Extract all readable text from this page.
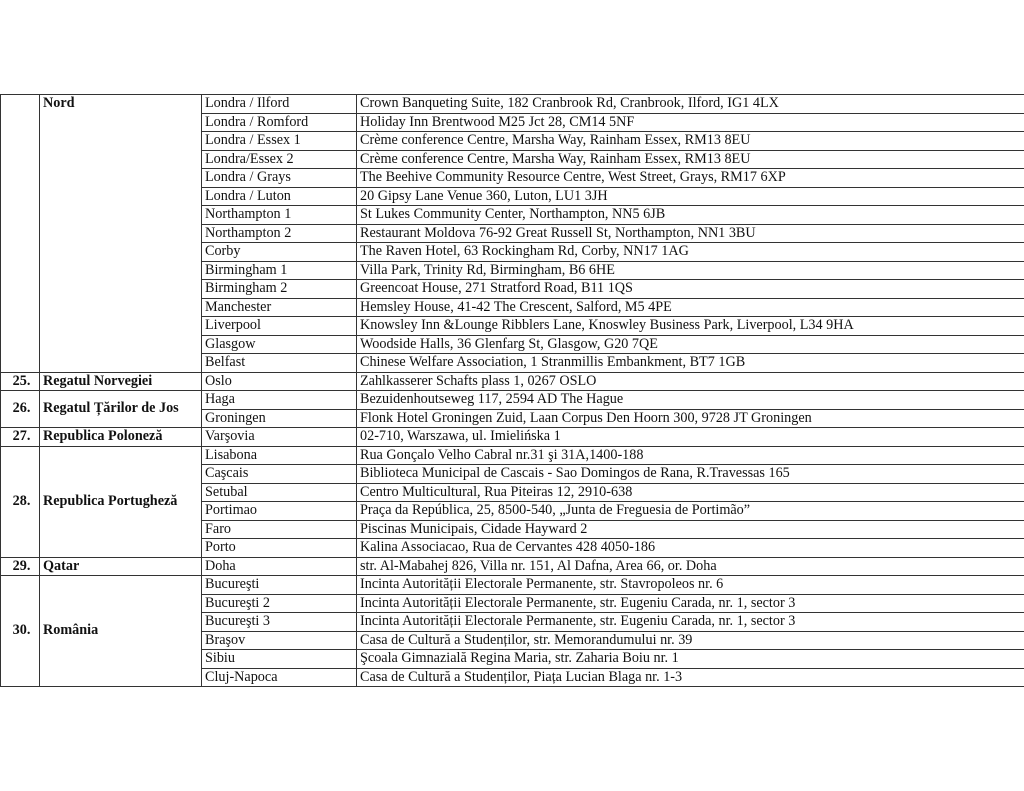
	Nord	Londra / Ilford	Crown Banqueting Suite, 182 Cranbrook Rd, Cranbrook, Ilford, IG1 4LX
		Londra / Romford	Holiday Inn Brentwood M25 Jct 28, CM14 5NF
		Londra / Essex 1	Crème conference Centre, Marsha Way, Rainham Essex, RM13 8EU
		Londra/Essex 2	Crème conference Centre, Marsha Way, Rainham Essex, RM13 8EU
		Londra / Grays	The Beehive Community Resource Centre, West Street, Grays, RM17 6XP
		Londra / Luton	20 Gipsy Lane Venue 360, Luton, LU1 3JH
		Northampton 1	St Lukes Community Center, Northampton, NN5 6JB
		Northampton 2	Restaurant Moldova 76-92 Great Russell St, Northampton, NN1 3BU
		Corby	The Raven Hotel, 63 Rockingham Rd, Corby, NN17 1AG
		Birmingham 1	Villa Park, Trinity Rd, Birmingham, B6 6HE
		Birmingham 2	Greencoat House, 271 Stratford Road, B11 1QS
		Manchester	Hemsley House, 41-42 The Crescent, Salford, M5 4PE
		Liverpool	Knowsley Inn &Lounge Ribblers Lane, Knoswley Business Park, Liverpool, L34 9HA
		Glasgow	Woodside Halls, 36 Glenfarg St, Glasgow, G20 7QE
		Belfast	Chinese Welfare Association, 1 Stranmillis Embankment, BT7 1GB
25.	Regatul Norvegiei	Oslo	Zahlkasserer Schafts plass 1, 0267 OSLO
26.	Regatul Țărilor de Jos	Haga	Bezuidenhoutseweg 117, 2594 AD The Hague
		Groningen	Flonk Hotel Groningen Zuid, Laan Corpus Den Hoorn 300, 9728 JT Groningen
27.	Republica Poloneză	Varşovia	02-710, Warszawa, ul. Imielińska 1
28.	Republica Portugheză	Lisabona	Rua Gonçalo Velho Cabral nr.31 şi 31A,1400-188
		Caşcais	Biblioteca Municipal de Cascais - Sao Domingos de Rana, R.Travessas 165
		Setubal	Centro Multicultural, Rua Piteiras 12, 2910-638
		Portimao	Praça da República, 25, 8500-540, „Junta de Freguesia de Portimão”
		Faro	Piscinas Municipais, Cidade Hayward 2
		Porto	Kalina Associacao, Rua de Cervantes 428 4050-186
29.	Qatar	Doha	str. Al-Mabahej 826, Villa nr. 151, Al Dafna, Area 66, or. Doha
30.	România	Bucureşti	Incinta Autorității Electorale Permanente, str. Stavropoleos nr. 6
		Bucureşti 2	Incinta Autorității Electorale Permanente, str. Eugeniu Carada, nr. 1, sector 3
		Bucureşti 3	Incinta Autorității Electorale Permanente, str. Eugeniu Carada, nr. 1, sector 3
		Braşov	Casa de Cultură a Studenților, str. Memorandumului nr. 39
		Sibiu	Şcoala Gimnazială Regina Maria, str. Zaharia Boiu nr. 1
		Cluj-Napoca	Casa de Cultură a Studenților, Piața Lucian Blaga nr. 1-3
